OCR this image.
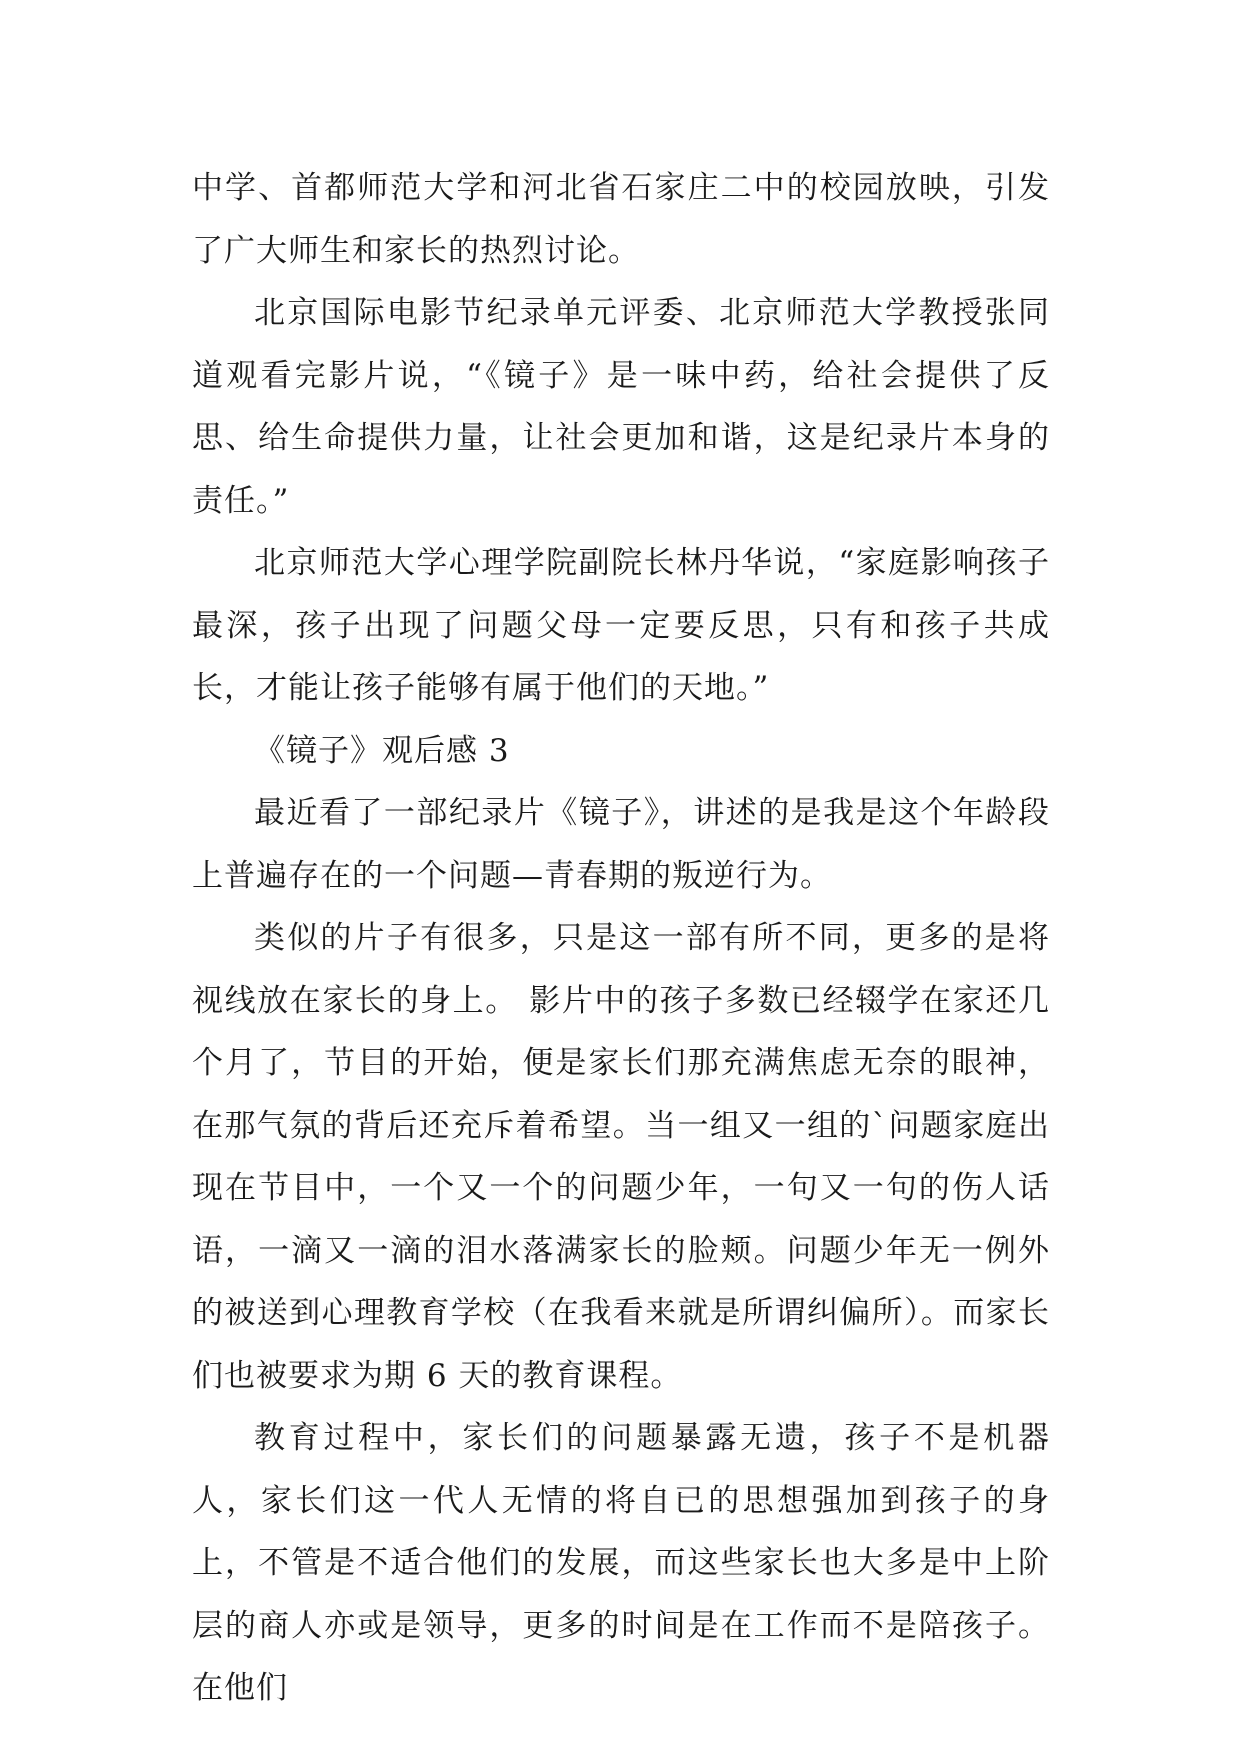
中学、首都师范大学和河北省石家庄二中的校园放映，引发了广大师生和家长的热烈讨论。

北京国际电影节纪录单元评委、北京师范大学教授张同道观看完影片说，“《镜子》是一味中药，给社会提供了反思、给生命提供力量，让社会更加和谐，这是纪录片本身的责任。”

北京师范大学心理学院副院长林丹华说，“家庭影响孩子最深，孩子出现了问题父母一定要反思，只有和孩子共成长，才能让孩子能够有属于他们的天地。”

《镜子》观后感 3

最近看了一部纪录片《镜子》，讲述的是我是这个年龄段上普遍存在的一个问题—青春期的叛逆行为。

类似的片子有很多，只是这一部有所不同，更多的是将视线放在家长的身上。 影片中的孩子多数已经辍学在家还几个月了，节目的开始，便是家长们那充满焦虑无奈的眼神，在那气氛的背后还充斥着希望。当一组又一组的`问题家庭出现在节目中，一个又一个的问题少年，一句又一句的伤人话语，一滴又一滴的泪水落满家长的脸颊。问题少年无一例外的被送到心理教育学校（在我看来就是所谓纠偏所）。而家长们也被要求为期 6 天的教育课程。

教育过程中，家长们的问题暴露无遗，孩子不是机器人，家长们这一代人无情的将自已的思想强加到孩子的身上，不管是不适合他们的发展，而这些家长也大多是中上阶层的商人亦或是领导，更多的时间是在工作而不是陪孩子。在他们
